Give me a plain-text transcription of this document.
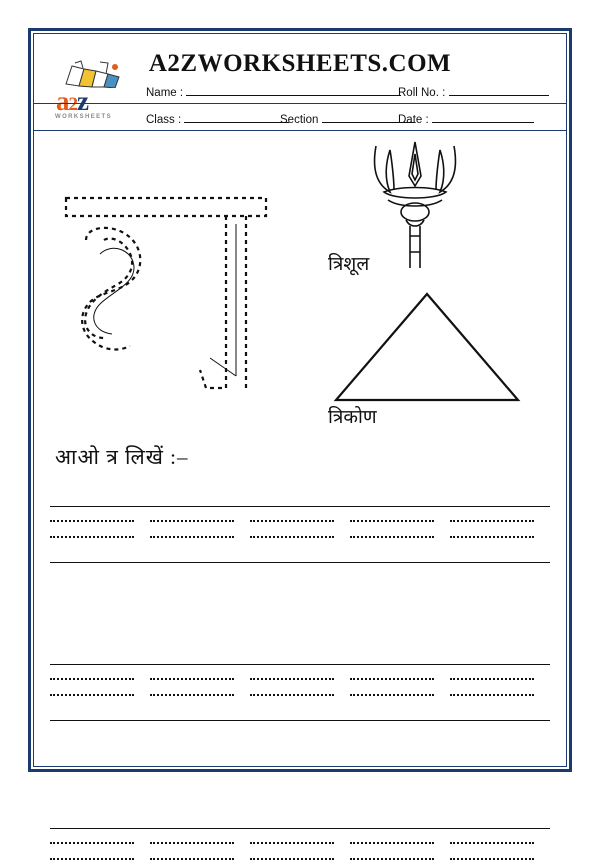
A2ZWORKSHEETS.COM
a2z
WORKSHEETS
Name :	Roll No. :
Class :	Section	Date :
त्रिशूल
त्रिकोण
आओ त्र लिखें :–
